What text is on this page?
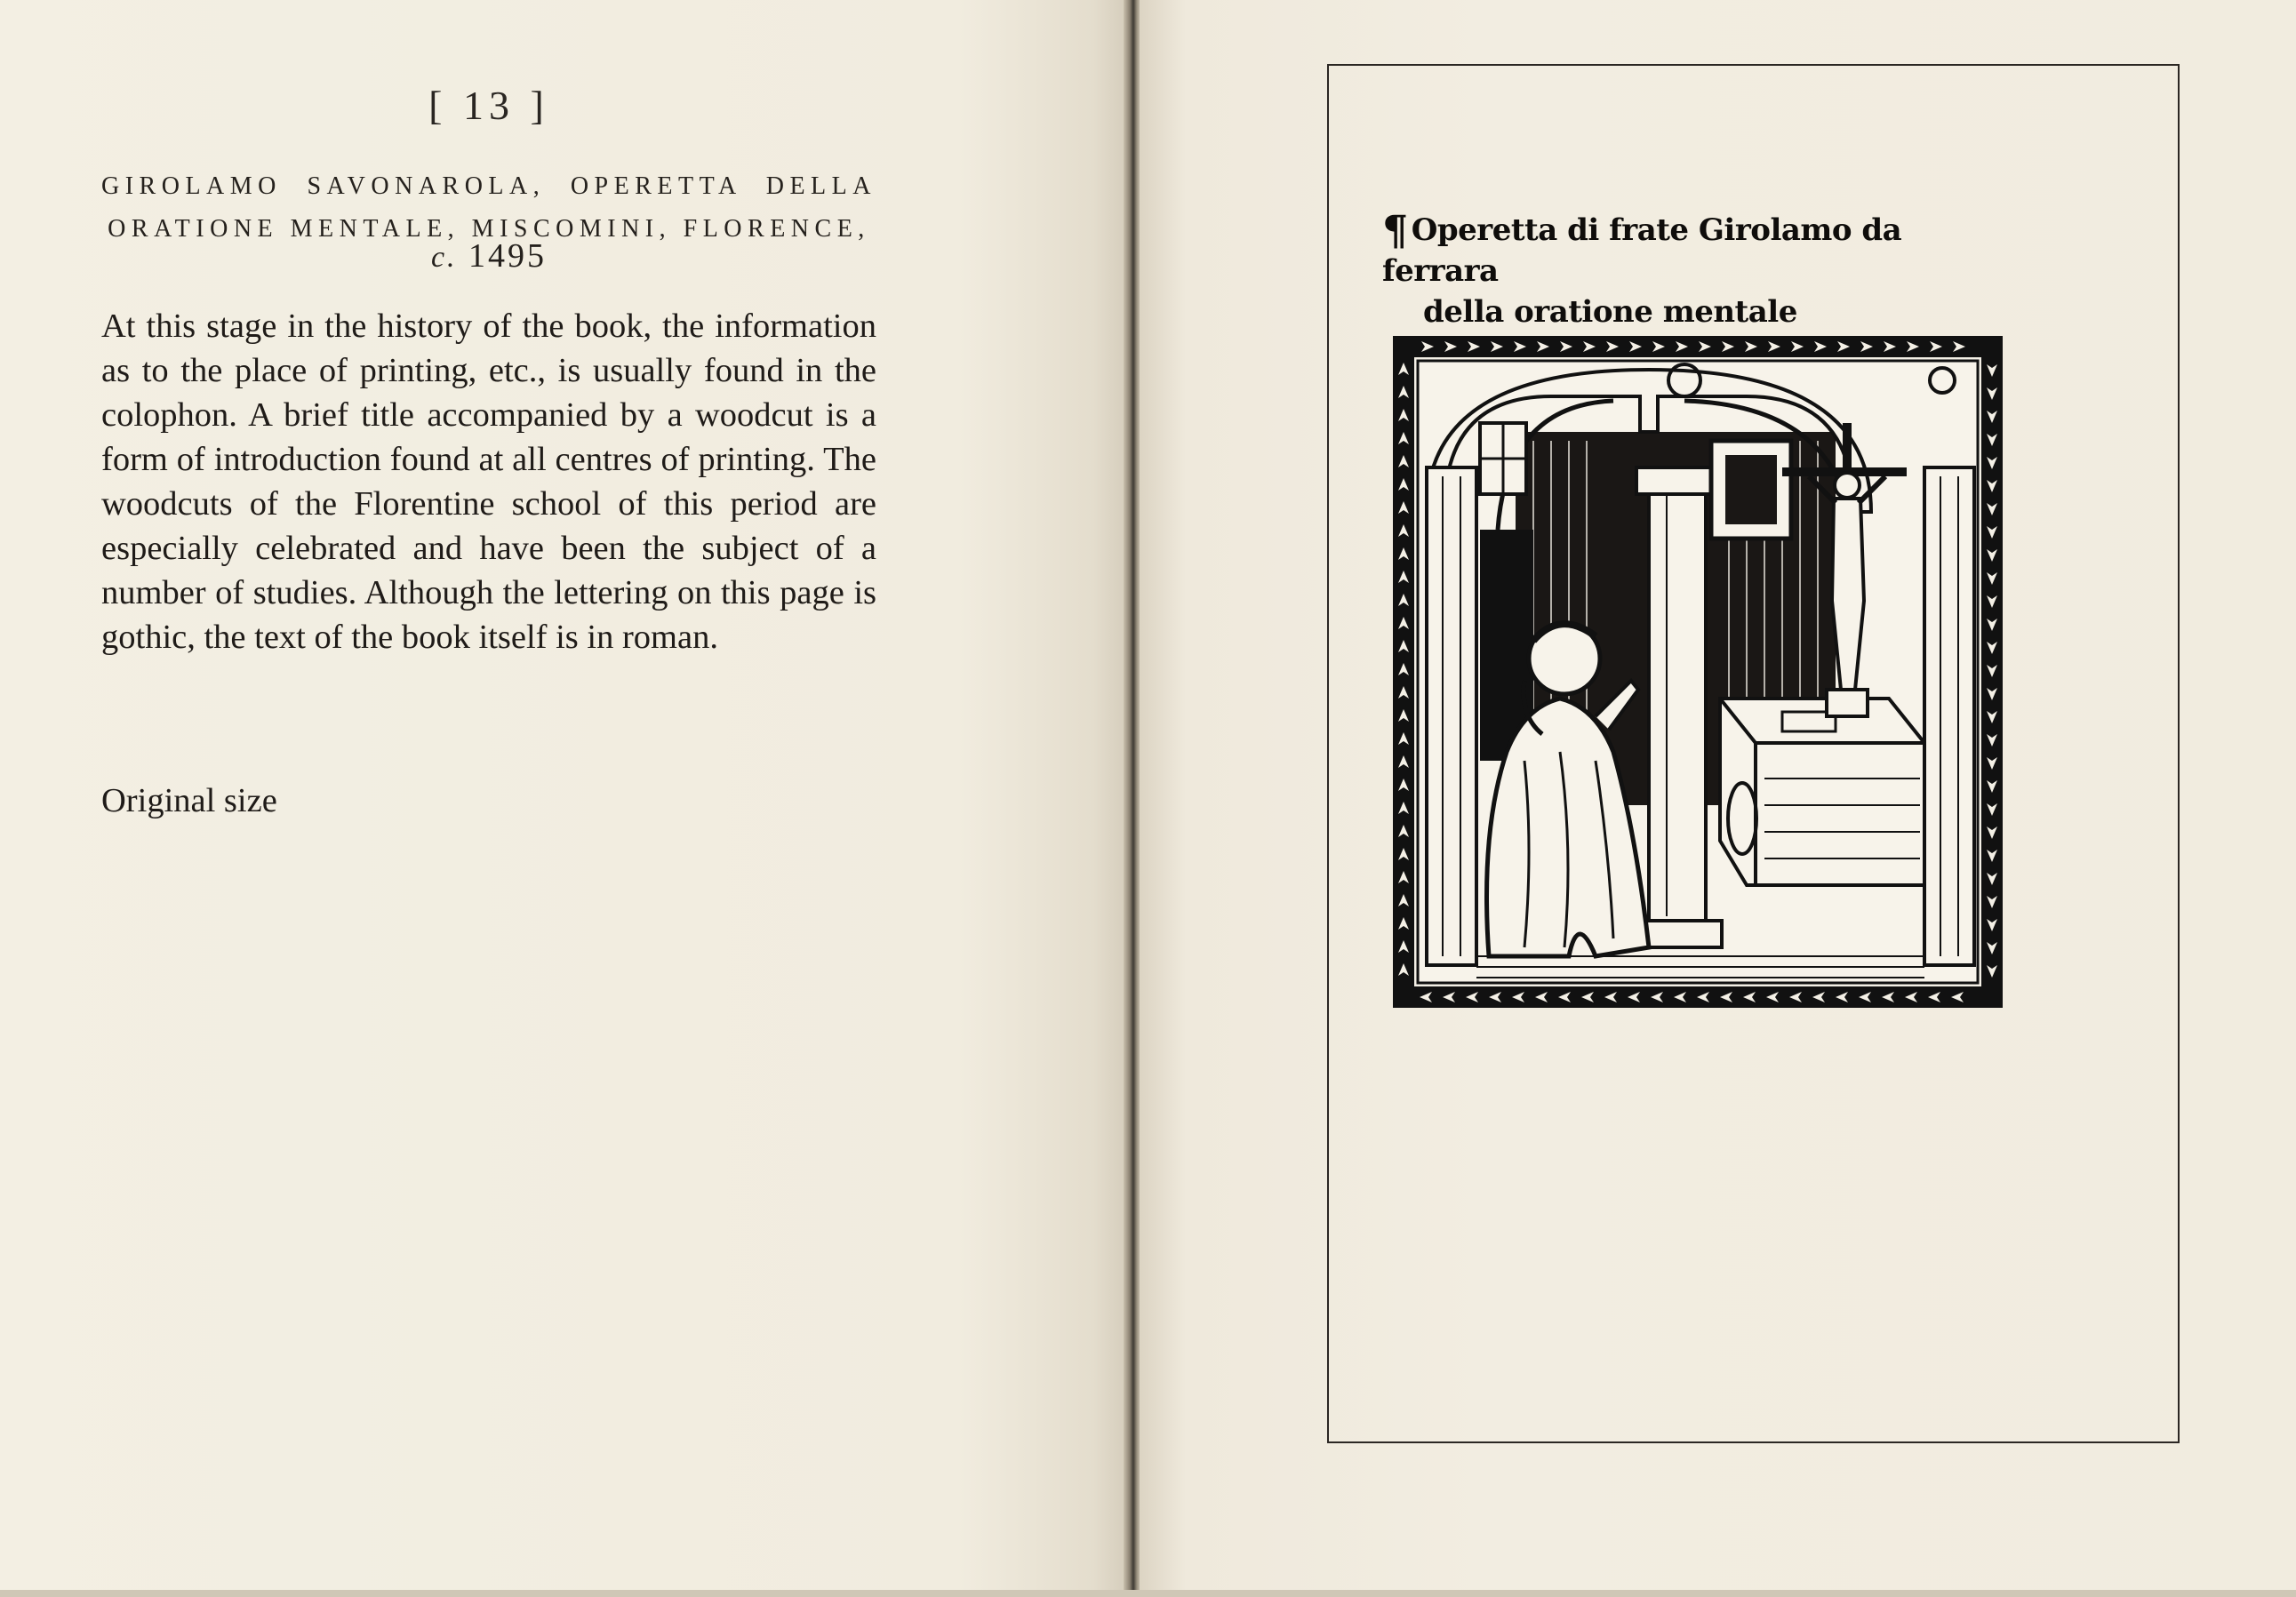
[ 13 ]
GIROLAMO SAVONAROLA, OPERETTA DELLA ORATIONE MENTALE, MISCOMINI, FLORENCE,
c. 1495
At this stage in the history of the book, the information as to the place of printing, etc., is usually found in the colophon. A brief title accompanied by a woodcut is a form of introduction found at all centres of printing. The woodcuts of the Florentine school of this period are especially celebrated and have been the subject of a number of studies. Although the lettering on this page is gothic, the text of the book itself is in roman.
Original size
¶ Operetta di frate Girolamo da ferrara
della oratione mentale
